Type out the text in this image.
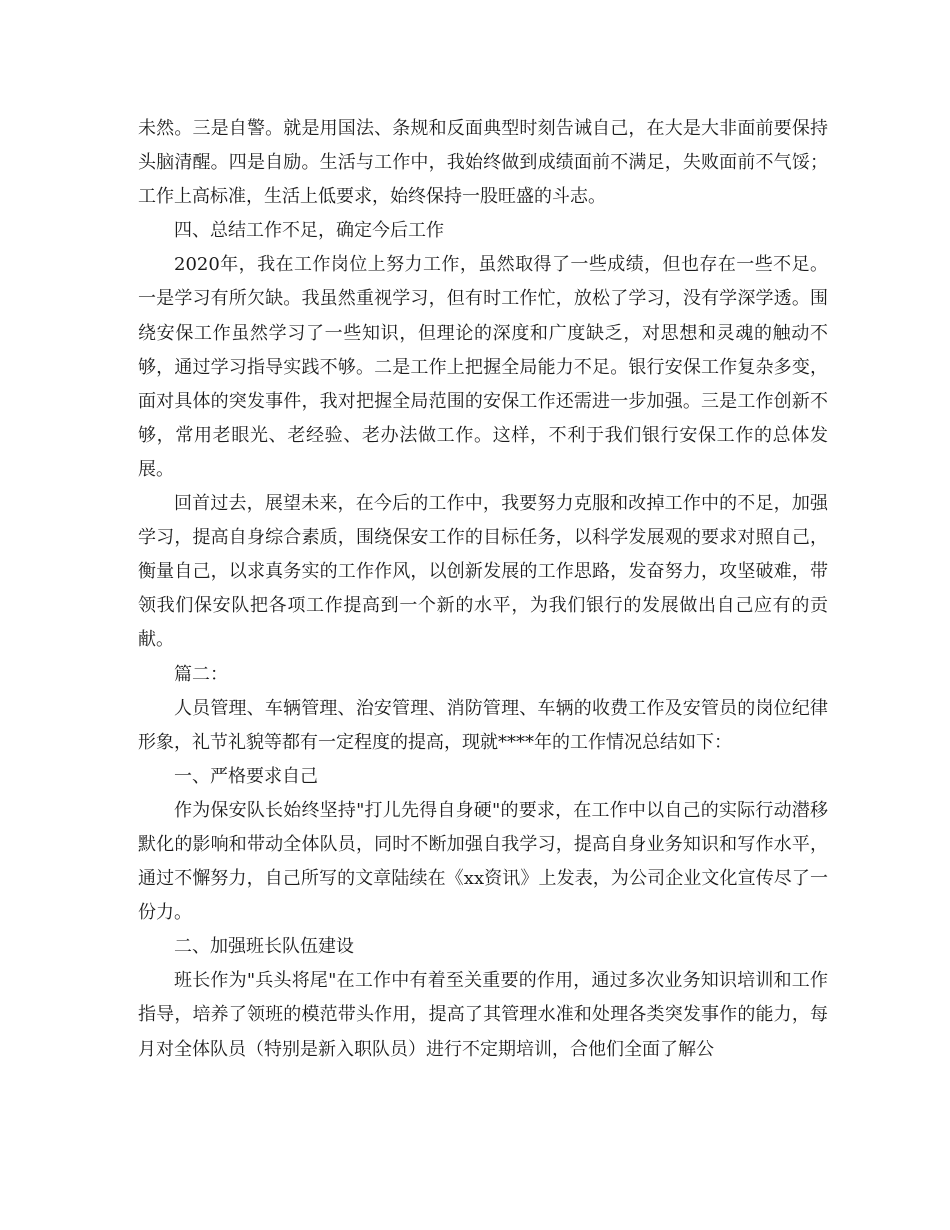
未然。三是自警。就是用国法、条规和反面典型时刻告诫自己，在大是大非面前要保持头脑清醒。四是自励。生活与工作中，我始终做到成绩面前不满足，失败面前不气馁；工作上高标准，生活上低要求，始终保持一股旺盛的斗志。

四、总结工作不足，确定今后工作

2020年，我在工作岗位上努力工作，虽然取得了一些成绩，但也存在一些不足。一是学习有所欠缺。我虽然重视学习，但有时工作忙，放松了学习，没有学深学透。围绕安保工作虽然学习了一些知识，但理论的深度和广度缺乏，对思想和灵魂的触动不够，通过学习指导实践不够。二是工作上把握全局能力不足。银行安保工作复杂多变，面对具体的突发事件，我对把握全局范围的安保工作还需进一步加强。三是工作创新不够，常用老眼光、老经验、老办法做工作。这样，不利于我们银行安保工作的总体发展。

回首过去，展望未来，在今后的工作中，我要努力克服和改掉工作中的不足，加强学习，提高自身综合素质，围绕保安工作的目标任务，以科学发展观的要求对照自己，衡量自己，以求真务实的工作作风，以创新发展的工作思路，发奋努力，攻坚破难，带领我们保安队把各项工作提高到一个新的水平，为我们银行的发展做出自己应有的贡献。

篇二：

人员管理、车辆管理、治安管理、消防管理、车辆的收费工作及安管员的岗位纪律形象，礼节礼貌等都有一定程度的提高，现就****年的工作情况总结如下：

一、严格要求自己

作为保安队长始终坚持"打儿先得自身硬"的要求，在工作中以自己的实际行动潜移默化的影响和带动全体队员，同时不断加强自我学习，提高自身业务知识和写作水平，通过不懈努力，自己所写的文章陆续在《xx资讯》上发表，为公司企业文化宣传尽了一份力。

二、加强班长队伍建设

班长作为"兵头将尾"在工作中有着至关重要的作用，通过多次业务知识培训和工作指导，培养了领班的模范带头作用，提高了其管理水准和处理各类突发事作的能力，每月对全体队员（特别是新入职队员）进行不定期培训，合他们全面了解公
